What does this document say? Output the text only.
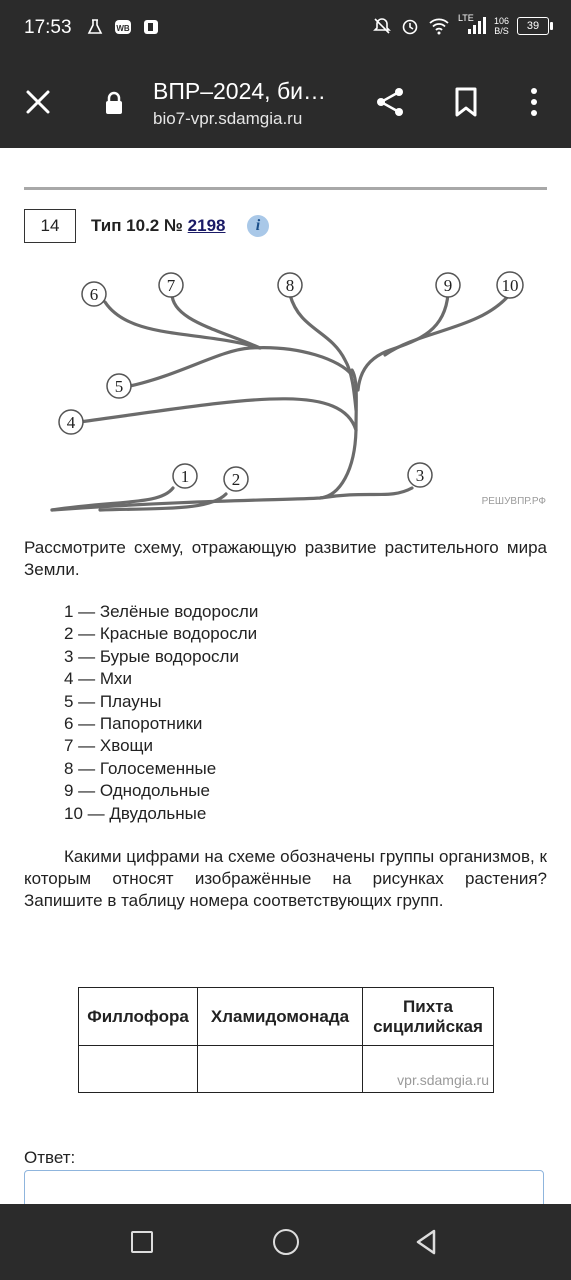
17:53	WB
LTE 106
B/S	39
ВПР–2024, би…
bio7-vpr.sdamgia.ru
14	Тип 10.2 № 2198	i
1	2	3
4
5
6	7	8	9	10
РЕШУВПР.РФ
Рассмотрите схему, отражающую развитие растительного мира Земли.
1 — Зелёные водоросли
2 — Красные водоросли
3 — Бурые водоросли
4 — Мхи
5 — Плауны
6 — Папоротники
7 — Хвощи
8 — Голосеменные
9 — Однодольные
10 — Двудольные
Какими цифрами на схеме обозначены группы организмов, к которым относят изображённые на рисунках растения? Запишите в таблицу номера соответствующих групп.
Филлофора	Хламидомонада	Пихта сицилийская

		vpr.sdamgia.ru
Ответ:
